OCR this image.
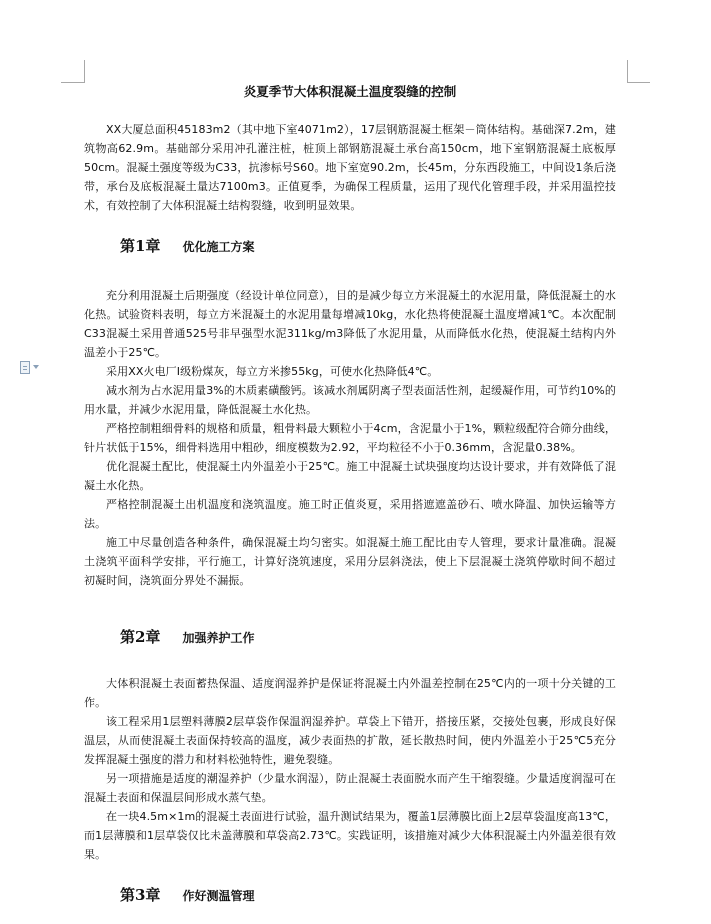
炎夏季节大体积混凝土温度裂缝的控制

XX大厦总面积45183m2（其中地下室4071m2），17层钢筋混凝土框架－筒体结构。基础深7.2m，建筑物高62.9m。基础部分采用冲孔灌注桩，桩顶上部钢筋混凝土承台高150cm，地下室钢筋混凝土底板厚50cm。混凝土强度等级为C33，抗渗标号S60。地下室宽90.2m，长45m，分东西段施工，中间设1条后浇带，承台及底板混凝土量达7100m3。正值夏季，为确保工程质量，运用了现代化管理手段，并采用温控技术，有效控制了大体积混凝土结构裂缝，收到明显效果。

第1章 优化施工方案

充分利用混凝土后期强度（经设计单位同意），目的是减少每立方米混凝土的水泥用量，降低混凝土的水化热。试验资料表明，每立方米混凝土的水泥用量每增减10kg，水化热将使混凝土温度增减1℃。本次配制C33混凝土采用普通525号非早强型水泥311kg/m3降低了水泥用量，从而降低水化热，使混凝土结构内外温差小于25℃。

采用XX火电厂I级粉煤灰，每立方米掺55kg，可使水化热降低4℃。

减水剂为占水泥用量3%的木质素磺酸钙。该减水剂属阴离子型表面活性剂，起缓凝作用，可节约10%的用水量，并减少水泥用量，降低混凝土水化热。

严格控制粗细骨料的规格和质量，粗骨料最大颗粒小于4cm，含泥量小于1%，颗粒级配符合筛分曲线，针片状低于15%，细骨料选用中粗砂，细度模数为2.92，平均粒径不小于0.36mm，含泥量0.38%。

优化混凝土配比，使混凝土内外温差小于25℃。施工中混凝土试块强度均达设计要求，并有效降低了混凝土水化热。

严格控制混凝土出机温度和浇筑温度。施工时正值炎夏，采用搭遮遮盖砂石、喷水降温、加快运输等方法。

施工中尽量创造各种条件，确保混凝土均匀密实。如混凝土施工配比由专人管理，要求计量准确。混凝土浇筑平面科学安排，平行施工，计算好浇筑速度，采用分层斜浇法，使上下层混凝土浇筑停歇时间不超过初凝时间，浇筑面分界处不漏振。

第2章 加强养护工作

大体积混凝土表面蓄热保温、适度润湿养护是保证将混凝土内外温差控制在25℃内的一项十分关键的工作。

该工程采用1层塑料薄膜2层草袋作保温润湿养护。草袋上下错开，搭接压紧，交接处包裹，形成良好保温层，从而使混凝土表面保持较高的温度，减少表面热的扩散，延长散热时间，使内外温差小于25℃5充分发挥混凝土强度的潜力和材料松弛特性，避免裂缝。

另一项措施是适度的潮湿养护（少量水润湿），防止混凝土表面脱水而产生干缩裂缝。少量适度润湿可在混凝土表面和保温层间形成水蒸气垫。

在一块4.5m×1m的混凝土表面进行试验，温升测试结果为，覆盖1层薄膜比面上2层草袋温度高13℃，而1层薄膜和1层草袋仅比未盖薄膜和草袋高2.73℃。实践证明，该措施对减少大体积混凝土内外温差很有效果。

第3章 作好测温管理
